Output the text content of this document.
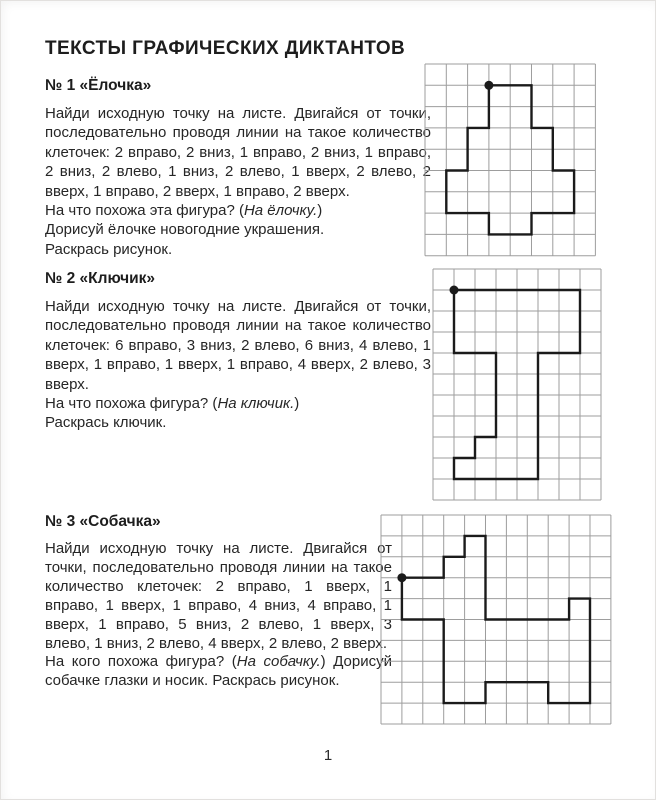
ТЕКСТЫ ГРАФИЧЕСКИХ ДИКТАНТОВ
№ 1 «Ёлочка»

Найди исходную точку на листе. Двигайся от точки, последовательно проводя линии на такое количество клеточек: 2 вправо, 2 вниз, 1 вправо, 2 вниз, 1 вправо, 2 вниз, 2 влево, 1 вниз, 2 влево, 1 вверх, 2 влево, 2 вверх, 1 вправо, 2 вверх, 1 вправо, 2 вверх.

На что похожа эта фигура? (На ёлочку.)

Дорисуй ёлочке новогодние украшения.

Раскрась рисунок.

№ 2 «Ключик»

Найди исходную точку на листе. Двигайся от точки, последовательно проводя линии на такое количество клеточек: 6 вправо, 3 вниз, 2 влево, 6 вниз, 4 влево, 1 вверх, 1 вправо, 1 вверх, 1 вправо, 4 вверх, 2 влево, 3 вверх.

На что похожа фигура? (На ключик.)

Раскрась ключик.

№ 3 «Собачка»

Найди исходную точку на листе. Двигайся от точки, последовательно проводя линии на такое количество клеточек: 2 вправо, 1 вверх, 1 вправо, 1 вверх, 1 вправо, 4 вниз, 4 вправо, 1 вверх, 1 вправо, 5 вниз, 2 влево, 1 вверх, 3 влево, 1 вниз, 2 влево, 4 вверх, 2 влево, 2 вверх.

На кого похожа фигура? (На собачку.) Дорисуй собачке глазки и носик. Раскрась рисунок.

1
